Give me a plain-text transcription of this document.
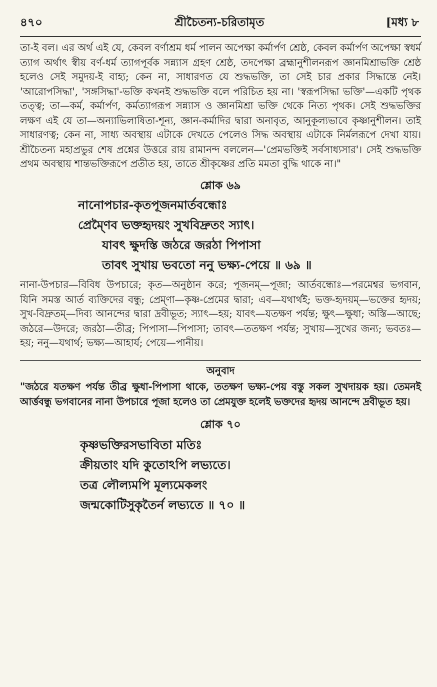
৪৭০	শ্রীচৈতন্য-চরিতামৃত	[মধ্য ৮

তা-ই বল। এর অর্থ এই যে, কেবল বর্ণাশ্রম ধর্ম পালন অপেক্ষা কর্মার্পণ শ্রেষ্ঠ, কেবল কর্মার্পণ অপেক্ষা স্বধর্ম ত্যাগ অর্থাৎ স্বীয় বর্ণ-ধর্ম ত্যাগপূর্বক সন্ন্যাস গ্রহণ শ্রেষ্ঠ, তদপেক্ষা ব্রহ্মানুশীলনরূপ জ্ঞানমিশ্রাভক্তি শ্রেষ্ঠ হলেও সেই সমুদয়-ই বাহ্য; কেন না, সাধারণত যে শুদ্ধভক্তি, তা সেই চার প্রকার সিদ্ধান্তে নেই। 'আরোপসিদ্ধা', 'সঙ্গসিদ্ধা'-ভক্তি কখনই শুদ্ধভক্তি বলে পরিচিত হয় না। 'স্বরূপসিদ্ধা ভক্তি'—একটি পৃথক তত্ত্ব; তা—কর্ম, কর্মার্পণ, কর্মত্যাগরূপ সন্ন্যাস ও জ্ঞানমিশ্রা ভক্তি থেকে নিত্য পৃথক। সেই শুদ্ধভক্তির লক্ষণ এই যে তা—অন্যাভিলাষিতা-শূন্য, জ্ঞান-কর্মাদির দ্বারা অনাবৃত, আনুকূল্যভাবে কৃষ্ণানুশীলন। তাই সাধারণত্ব; কেন না, সাধ্য অবস্থায় এটাকে দেখতে পেলেও সিদ্ধ অবস্থায় এটাকে নির্মলরূপে দেখা যায়। শ্রীচৈতন্য মহাপ্রভুর শেষ প্রশ্নের উত্তরে রায় রামানন্দ বললেন—'প্রেমভক্তিই সর্বসাধ্যসার'। সেই শুদ্ধভক্তি প্রথম অবস্থায় শান্তভক্তিরূপে প্রতীত হয়, তাতে শ্রীকৃষ্ণের প্রতি মমতা বুদ্ধি থাকে না।"

শ্লোক ৬৯
নানোপচার-কৃতপূজনমার্তবন্ধোঃ
প্রেম্ণৈব ভক্তহৃদয়ং সুখবিদ্রুতং স্যাৎ।
যাবৎ ক্ষুদস্তি জঠরে জরঠা পিপাসা
তাবৎ সুখায় ভবতো ননু ভক্ষ্য-পেয়ে ॥ ৬৯ ॥

নানা-উপচার—বিবিধ উপচারে; কৃত—অনুষ্ঠান করে; পূজনম্—পূজা; আর্তবন্ধোঃ—পরমেশ্বর ভগবান, যিনি সমস্ত আর্ত ব্যক্তিদের বন্ধু; প্রেম্ণা—কৃষ্ণ-প্রেমের দ্বারা; এব—যথার্থই; ভক্ত-হৃদয়ম্—ভক্তের হৃদয়; সুখ-বিদ্রুতম্—দিব্য আনন্দের দ্বারা দ্রবীভূত; স্যাৎ—হয়; যাবৎ—যতক্ষণ পর্যন্ত; ক্ষুৎ—ক্ষুধা; অস্তি—আছে; জঠরে—উদরে; জরঠা—তীব্র; পিপাসা—পিপাসা; তাবৎ—ততক্ষণ পর্যন্ত; সুখায়—সুখের জন্য; ভবতঃ—হয়; ননু—যথার্থ; ভক্ষ্য—আহার্য; পেয়ে—পানীয়।

অনুবাদ

"জঠরে যতক্ষণ পর্যন্ত তীব্র ক্ষুধা-পিপাসা থাকে, ততক্ষণ ভক্ষ্য-পেয় বস্তু সকল সুখদায়ক হয়। তেমনই আর্ত্তবন্ধু ভগবানের নানা উপচারে পূজা হলেও তা প্রেমযুক্ত হলেই ভক্তদের হৃদয় আনন্দে দ্রবীভূত হয়।

শ্লোক ৭০
কৃষ্ণভক্তিরসভাবিতা মতিঃ
ক্রীয়তাং যদি কুতোঽপি লভ্যতে।
তত্র লৌল্যমপি মূল্যমেকলং
জন্মকোটিসুকৃতৈর্ন লভ্যতে ॥ ৭০ ॥
